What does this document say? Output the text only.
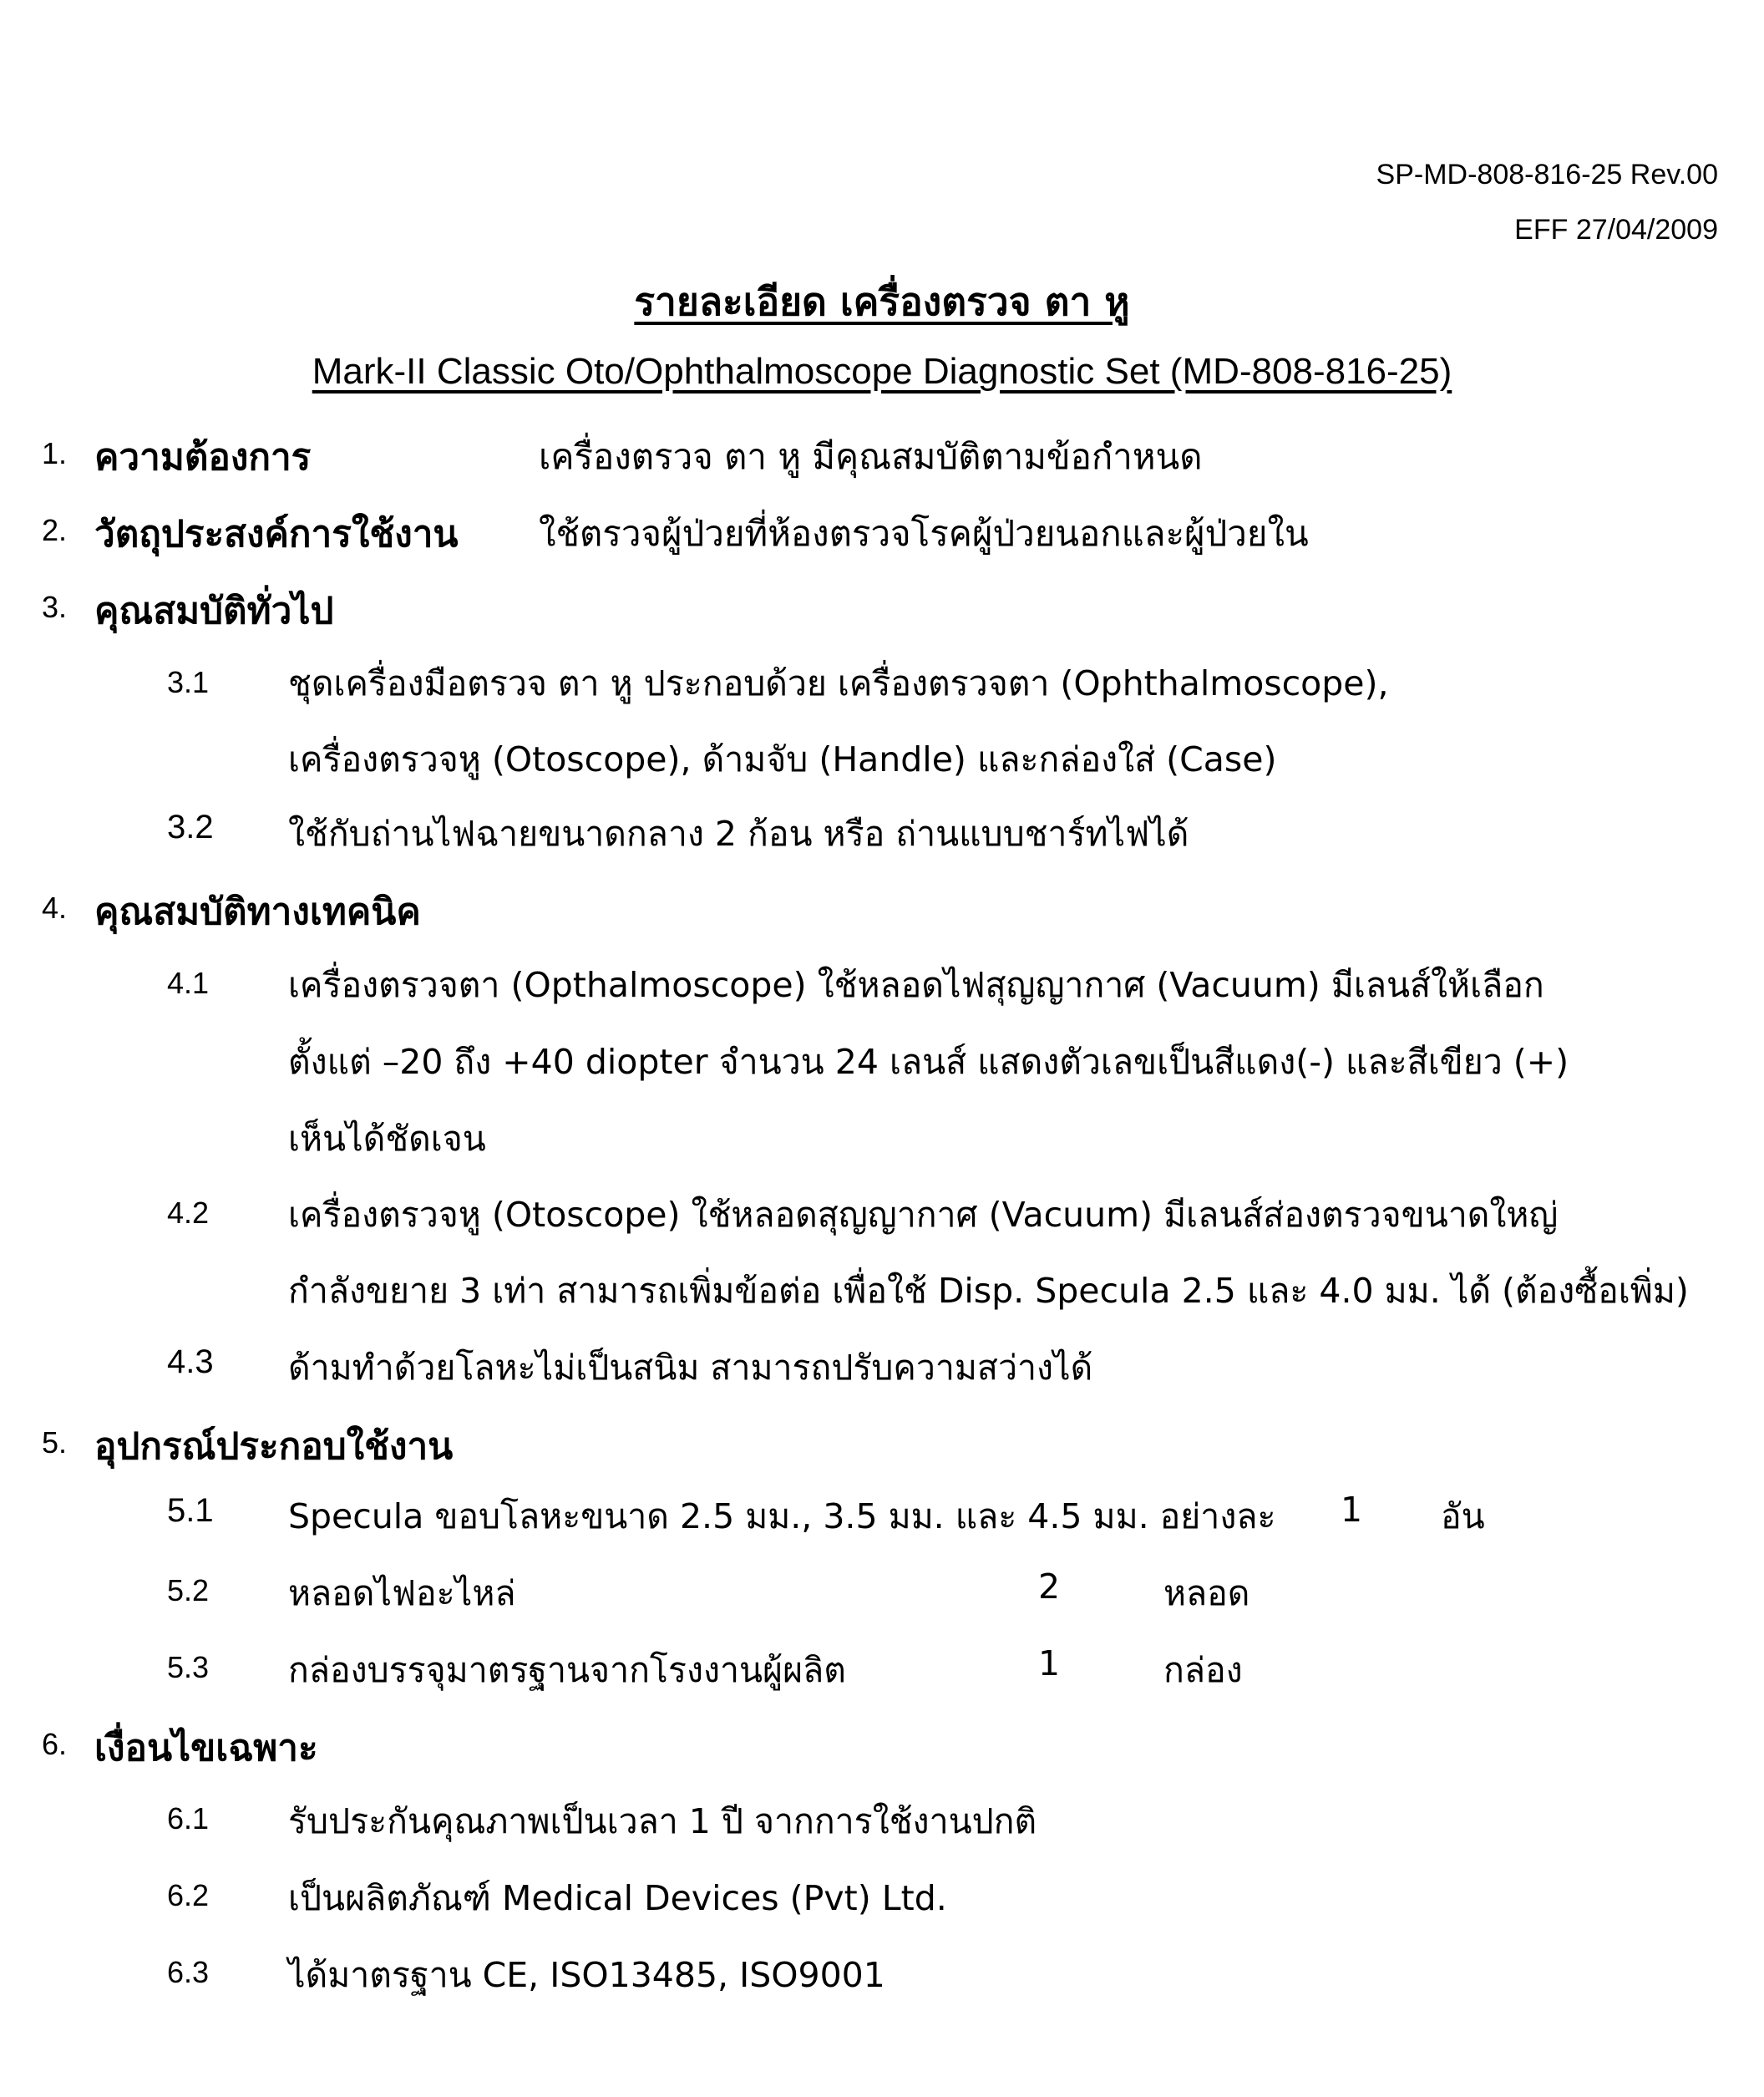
SP-MD-808-816-25 Rev.00
EFF 27/04/2009
รายละเอียด เครื่องตรวจ ตา หู
Mark-II Classic Oto/Ophthalmoscope Diagnostic Set (MD-808-816-25)
1. ความต้องการ	เครื่องตรวจ ตา หู มีคุณสมบัติตามข้อกำหนด
2. วัตถุประสงค์การใช้งาน ใช้ตรวจผู้ป่วยที่ห้องตรวจโรคผู้ป่วยนอกและผู้ป่วยใน
3. คุณสมบัติทั่วไป
3.1 ชุดเครื่องมือตรวจ ตา หู ประกอบด้วย เครื่องตรวจตา (Ophthalmoscope),
เครื่องตรวจหู (Otoscope), ด้ามจับ (Handle) และกล่องใส่ (Case)
3.2 ใช้กับถ่านไฟฉายขนาดกลาง 2 ก้อน หรือ ถ่านแบบชาร์ทไฟได้
4. คุณสมบัติทางเทคนิค
4.1 เครื่องตรวจตา (Opthalmoscope) ใช้หลอดไฟสุญญากาศ (Vacuum) มีเลนส์ให้เลือก
ตั้งแต่ –20 ถึง +40 diopter จำนวน 24 เลนส์ แสดงตัวเลขเป็นสีแดง(-) และสีเขียว (+)
เห็นได้ชัดเจน
4.2 เครื่องตรวจหู (Otoscope) ใช้หลอดสุญญากาศ (Vacuum) มีเลนส์ส่องตรวจขนาดใหญ่
กำลังขยาย 3 เท่า สามารถเพิ่มข้อต่อ เพื่อใช้ Disp. Specula 2.5 และ 4.0 มม. ได้ (ต้องซื้อเพิ่ม)
4.3 ด้ามทำด้วยโลหะไม่เป็นสนิม สามารถปรับความสว่างได้
5. อุปกรณ์ประกอบใช้งาน
5.1 Specula ขอบโลหะขนาด 2.5 มม., 3.5 มม. และ 4.5 มม. อย่างละ 1 อัน
5.2 หลอดไฟอะไหล่	2	หลอด
5.3 กล่องบรรจุมาตรฐานจากโรงงานผู้ผลิต	1	กล่อง
6. เงื่อนไขเฉพาะ
6.1 รับประกันคุณภาพเป็นเวลา 1 ปี จากการใช้งานปกติ
6.2 เป็นผลิตภัณฑ์ Medical Devices (Pvt) Ltd.
6.3 ได้มาตรฐาน CE, ISO13485, ISO9001
